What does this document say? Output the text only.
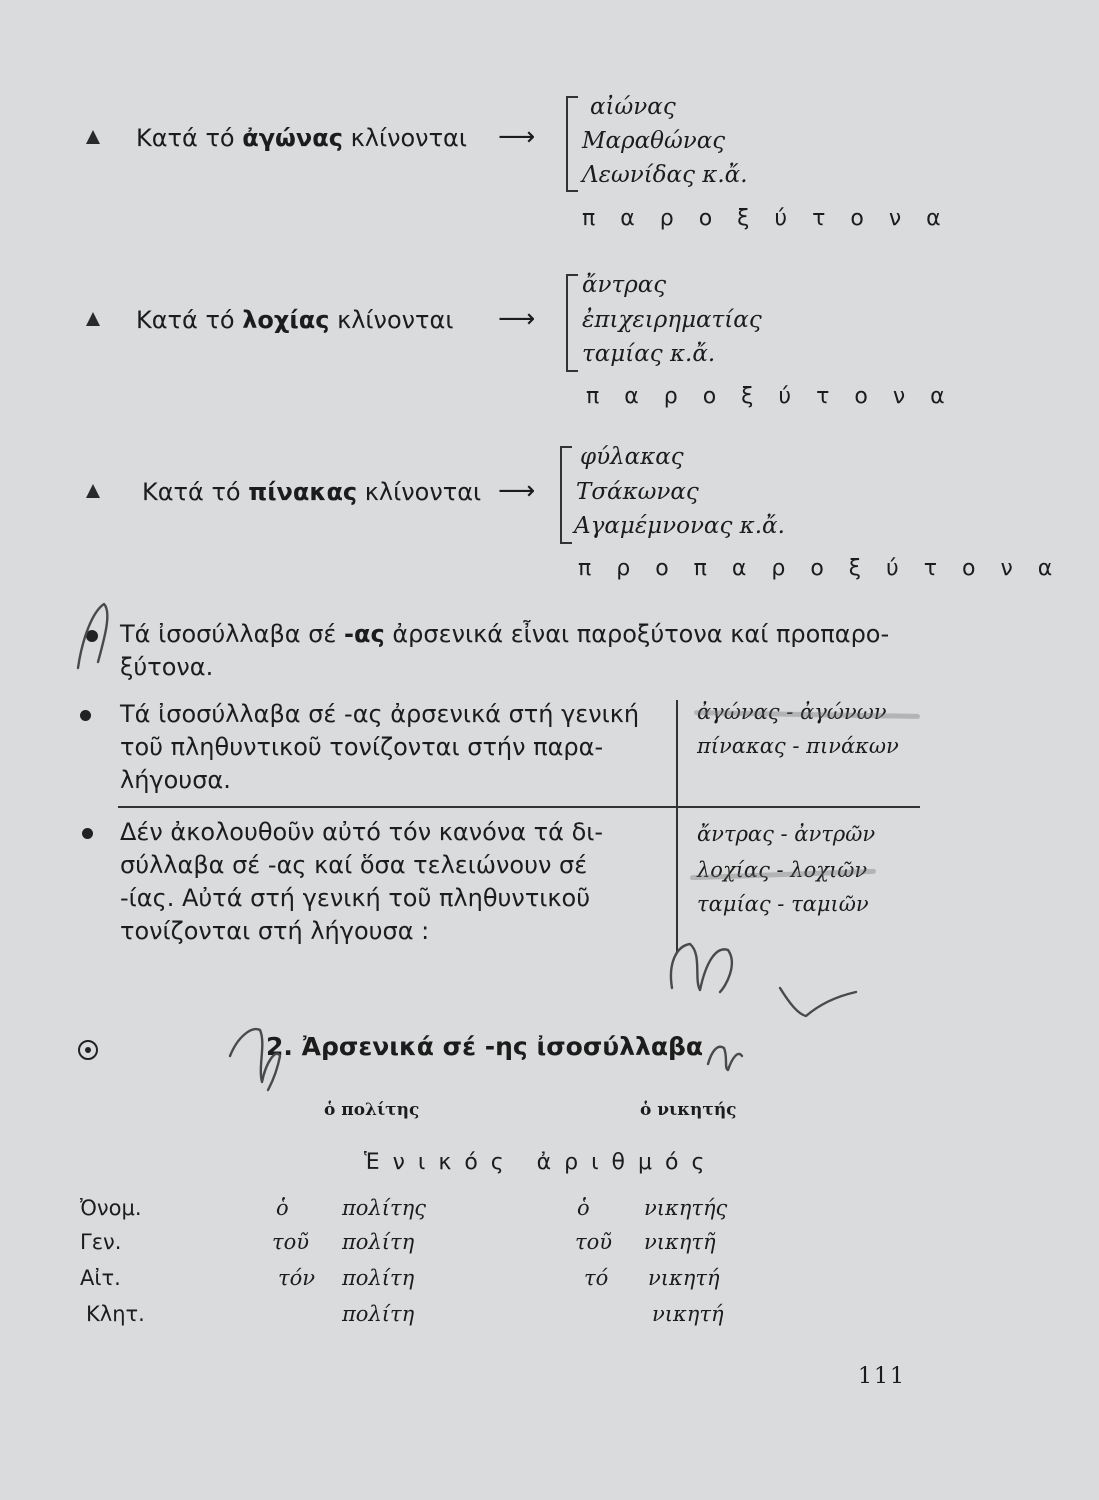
Κατά τό ἀγώνας κλίνονται ⟶
αἰώνας
Μαραθώνας
Λεωνίδας κ.ἄ.
π α ρ ο ξ ύ τ ο ν α
Κατά τό λοχίας κλίνονται ⟶
ἄντρας
ἐπιχειρηματίας
ταμίας κ.ἄ.
π α ρ ο ξ ύ τ ο ν α
Κατά τό πίνακας κλίνονται ⟶
φύλακας
Τσάκωνας
Αγαμέμνονας κ.ἄ.
π ρ ο π α ρ ο ξ ύ τ ο ν α
Τά ἰσοσύλλαβα σέ -ας ἀρσενικά εἶναι παροξύτονα καί προπαρο-
ξύτονα.
Τά ἰσοσύλλαβα σέ -ας ἀρσενικά στή γενική
τοῦ πληθυντικοῦ τονίζονται στήν παρα-
λήγουσα.
ἀγώνας - ἀγώνων
πίνακας - πινάκων
Δέν ἀκολουθοῦν αὐτό τόν κανόνα τά δι-
σύλλαβα σέ -ας καί ὅσα τελειώνουν σέ
-ίας. Αὐτά στή γενική τοῦ πληθυντικοῦ
τονίζονται στή λήγουσα :
ἄντρας - ἀντρῶν
λοχίας - λοχιῶν
ταμίας - ταμιῶν
2. Ἀρσενικά σέ -ης ἰσοσύλλαβα
ὁ πολίτης	ὁ νικητής
Ἑ ν ι κ ό ς   ἀ ρ ι θ μ ό ς
Ὀνομ.	ὁ	πολίτης	ὁ	νικητής
Γεν.	τοῦ πολίτη	τοῦ νικητῆ
Αἰτ.	τόν πολίτη	τό νικητή
Κλητ.	πολίτη	νικητή
111
